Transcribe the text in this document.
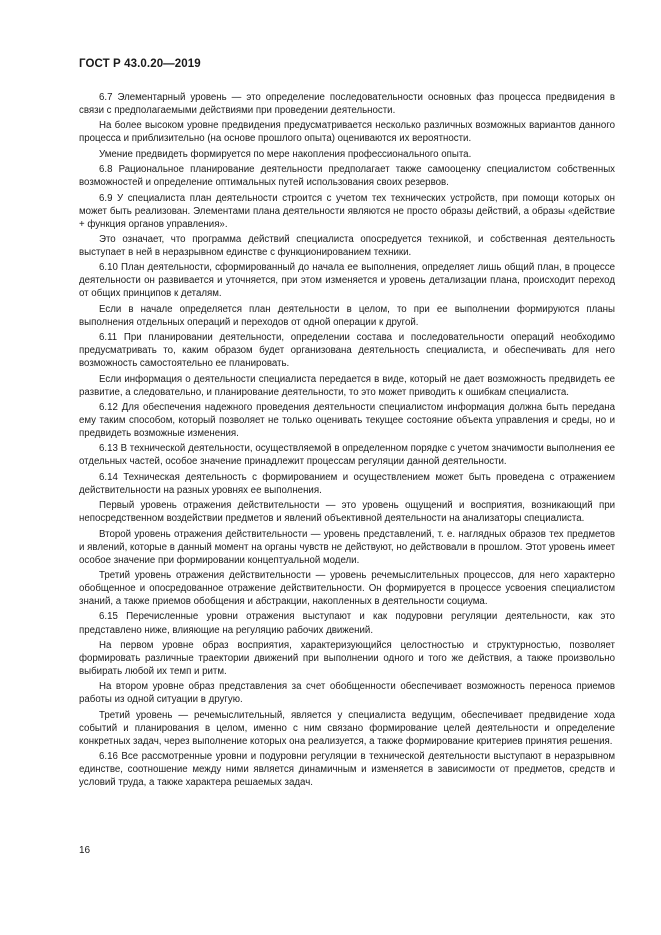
ГОСТ Р 43.0.20—2019

6.7 Элементарный уровень — это определение последовательности основных фаз процесса предвидения в связи с предполагаемыми действиями при проведении деятельности.

На более высоком уровне предвидения предусматривается несколько различных возможных вариантов данного процесса и приблизительно (на основе прошлого опыта) оцениваются их вероятности.

Умение предвидеть формируется по мере накопления профессионального опыта.

6.8 Рациональное планирование деятельности предполагает также самооценку специалистом собственных возможностей и определение оптимальных путей использования своих резервов.

6.9 У специалиста план деятельности строится с учетом тех технических устройств, при помощи которых он может быть реализован. Элементами плана деятельности являются не просто образы действий, а образы «действие + функция органов управления».

Это означает, что программа действий специалиста опосредуется техникой, и собственная деятельность выступает в ней в неразрывном единстве с функционированием техники.

6.10 План деятельности, сформированный до начала ее выполнения, определяет лишь общий план, в процессе деятельности он развивается и уточняется, при этом изменяется и уровень детализации плана, происходит переход от общих принципов к деталям.

Если в начале определяется план деятельности в целом, то при ее выполнении формируются планы выполнения отдельных операций и переходов от одной операции к другой.

6.11 При планировании деятельности, определении состава и последовательности операций необходимо предусматривать то, каким образом будет организована деятельность специалиста, и обеспечивать для него возможность самостоятельно ее планировать.

Если информация о деятельности специалиста передается в виде, который не дает возможность предвидеть ее развитие, а следовательно, и планирование деятельности, то это может приводить к ошибкам специалиста.

6.12 Для обеспечения надежного проведения деятельности специалистом информация должна быть передана ему таким способом, который позволяет не только оценивать текущее состояние объекта управления и среды, но и предвидеть возможные изменения.

6.13 В технической деятельности, осуществляемой в определенном порядке с учетом значимости выполнения ее отдельных частей, особое значение принадлежит процессам регуляции данной деятельности.

6.14 Техническая деятельность с формированием и осуществлением может быть проведена с отражением действительности на разных уровнях ее выполнения.

Первый уровень отражения действительности — это уровень ощущений и восприятия, возникающий при непосредственном воздействии предметов и явлений объективной деятельности на анализаторы специалиста.

Второй уровень отражения действительности — уровень представлений, т. е. наглядных образов тех предметов и явлений, которые в данный момент на органы чувств не действуют, но действовали в прошлом. Этот уровень имеет особое значение при формировании концептуальной модели.

Третий уровень отражения действительности — уровень речемыслительных процессов, для него характерно обобщенное и опосредованное отражение действительности. Он формируется в процессе усвоения специалистом знаний, а также приемов обобщения и абстракции, накопленных в деятельности социума.

6.15 Перечисленные уровни отражения выступают и как подуровни регуляции деятельности, как это представлено ниже, влияющие на регуляцию рабочих движений.

На первом уровне образ восприятия, характеризующийся целостностью и структурностью, позволяет формировать различные траектории движений при выполнении одного и того же действия, а также произвольно выбирать любой их темп и ритм.

На втором уровне образ представления за счет обобщенности обеспечивает возможность переноса приемов работы из одной ситуации в другую.

Третий уровень — речемыслительный, является у специалиста ведущим, обеспечивает предвидение хода событий и планирования в целом, именно с ним связано формирование целей деятельности и определение конкретных задач, через выполнение которых она реализуется, а также формирование критериев принятия решения.

6.16 Все рассмотренные уровни и подуровни регуляции в технической деятельности выступают в неразрывном единстве, соотношение между ними является динамичным и изменяется в зависимости от предметов, средств и условий труда, а также характера решаемых задач.

16
